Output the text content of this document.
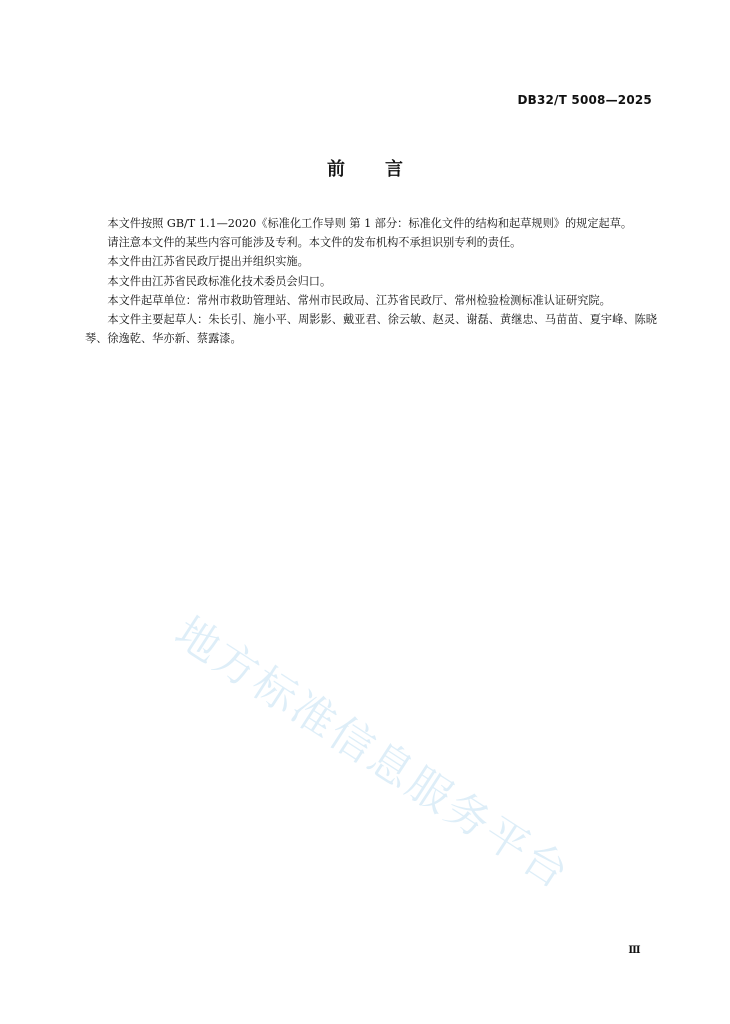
DB32/T 5008—2025
前言

本文件按照 GB/T 1.1—2020《标准化工作导则 第 1 部分：标准化文件的结构和起草规则》的规定起草。

请注意本文件的某些内容可能涉及专利。本文件的发布机构不承担识别专利的责任。

本文件由江苏省民政厅提出并组织实施。

本文件由江苏省民政标准化技术委员会归口。

本文件起草单位：常州市救助管理站、常州市民政局、江苏省民政厅、常州检验检测标准认证研究院。

本文件主要起草人：朱长引、施小平、周影影、戴亚君、徐云敏、赵灵、谢磊、黄继忠、马苗苗、夏宇峰、陈晓琴、徐逸乾、华亦新、蔡露漆。

地方标准信息服务平台
Ⅲ
